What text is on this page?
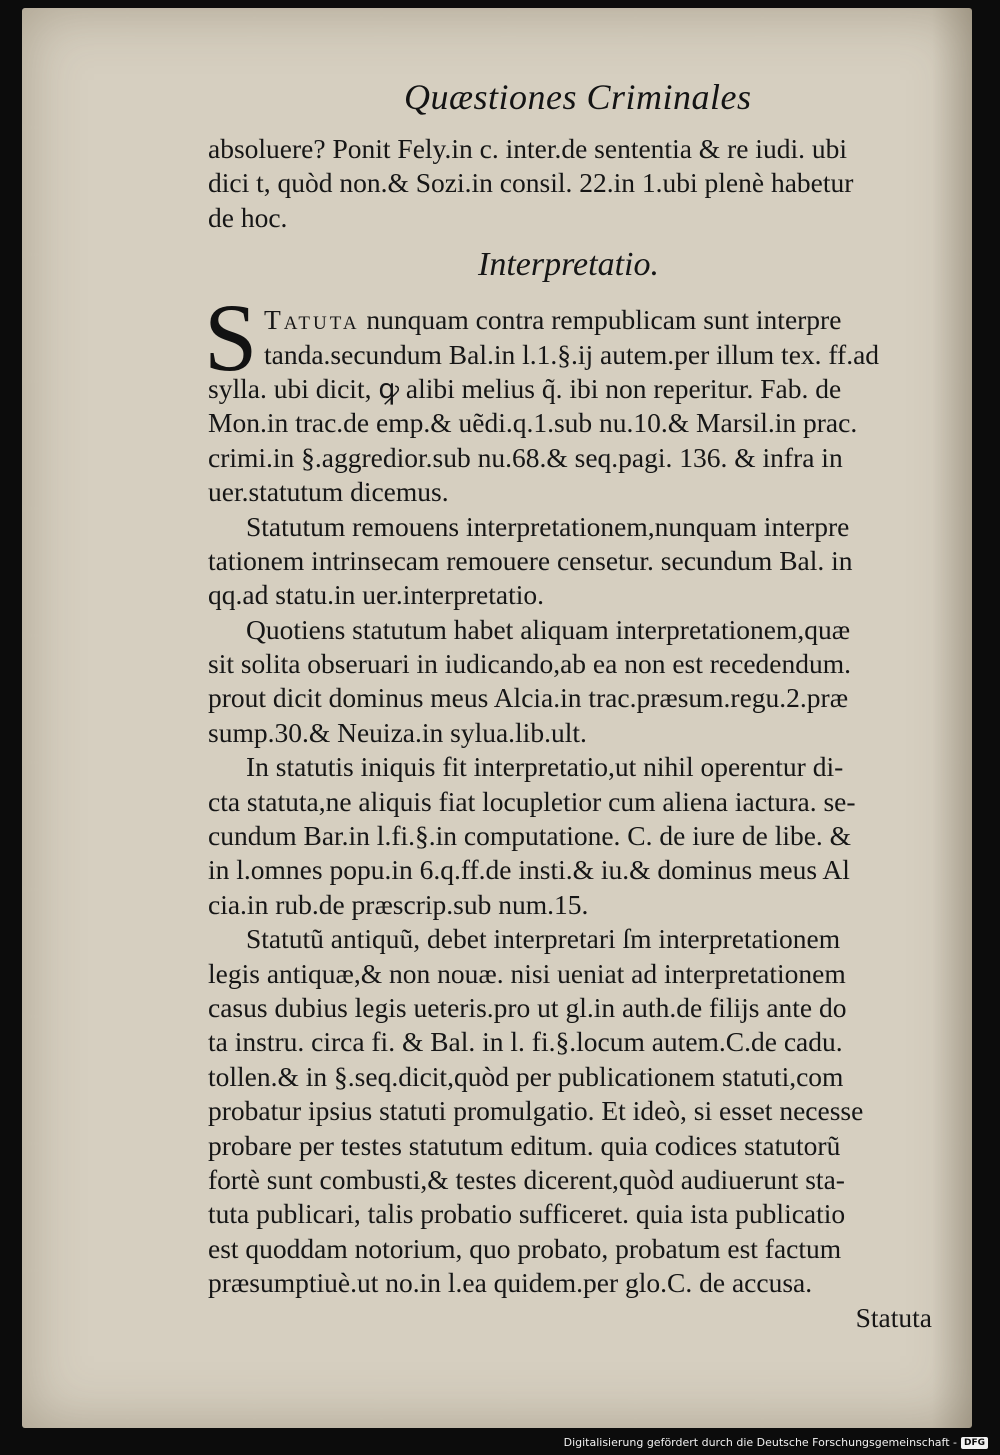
Quæstiones Criminales
absoluere? Ponit Fely.in c. inter.de sententia & re iudi. ubi
dici t, quòd non.& Sozi.in consil. 22.in 1.ubi plenè habetur
de hoc.
Interpretatio.
S Tatuta nunquam contra rempublicam sunt interpre
tanda.secundum Bal.in l.1.§.ij autem.per illum tex. ff.ad
sylla. ubi dicit, ꝙ alibi melius q̃. ibi non reperitur. Fab. de
Mon.in trac.de emp.& uẽdi.q.1.sub nu.10.& Marsil.in prac.
crimi.in §.aggredior.sub nu.68.& seq.pagi. 136. & infra in
uer.statutum dicemus.
Statutum remouens interpretationem,nunquam interpre
tationem intrinsecam remouere censetur. secundum Bal. in
qq.ad statu.in uer.interpretatio.
Quotiens statutum habet aliquam interpretationem,quæ
sit solita obseruari in iudicando,ab ea non est recedendum.
prout dicit dominus meus Alcia.in trac.præsum.regu.2.præ
sump.30.& Neuiza.in sylua.lib.ult.
In statutis iniquis fit interpretatio,ut nihil operentur di-
cta statuta,ne aliquis fiat locupletior cum aliena iactura. se-
cundum Bar.in l.fi.§.in computatione. C. de iure de libe. &
in l.omnes popu.in 6.q.ff.de insti.& iu.& dominus meus Al
cia.in rub.de præscrip.sub num.15.
Statutũ antiquũ, debet interpretari ſm interpretationem
legis antiquæ,& non nouæ. nisi ueniat ad interpretationem
casus dubius legis ueteris.pro ut gl.in auth.de filijs ante do
ta instru. circa fi. & Bal. in l. fi.§.locum autem.C.de cadu.
tollen.& in §.seq.dicit,quòd per publicationem statuti,com
probatur ipsius statuti promulgatio. Et ideò, si esset necesse
probare per testes statutum editum. quia codices statutorũ
fortè sunt combusti,& testes dicerent,quòd audiuerunt sta-
tuta publicari, talis probatio sufficeret. quia ista publicatio
est quoddam notorium, quo probato, probatum est factum
præsumptiuè.ut no.in l.ea quidem.per glo.C. de accusa.
Statuta
Digitalisierung gefördert durch die Deutsche Forschungsgemeinschaft - DFG
